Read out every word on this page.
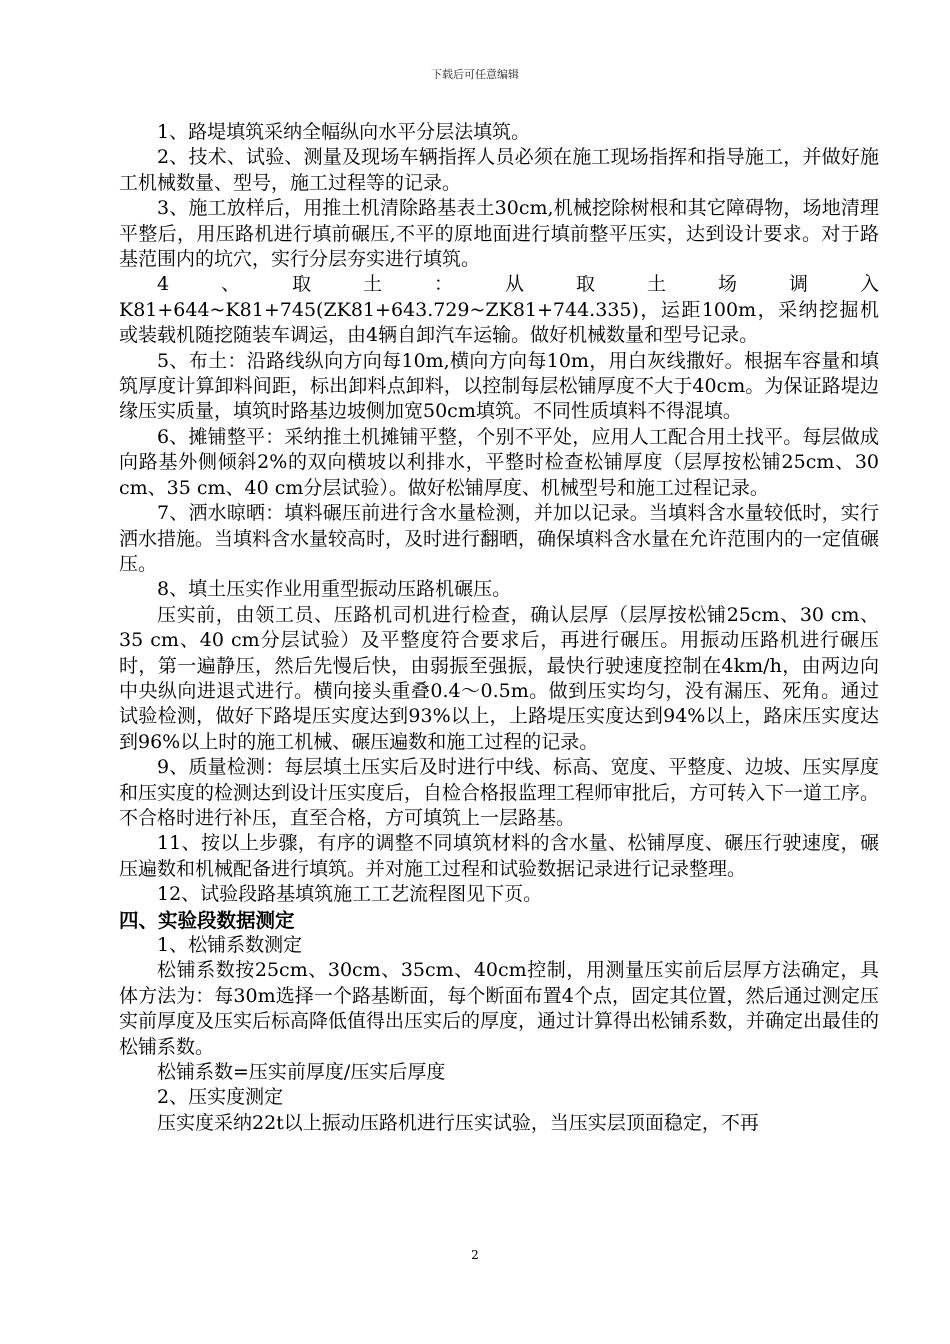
下载后可任意编辑

1、路堤填筑采纳全幅纵向水平分层法填筑。

2、技术、试验、测量及现场车辆指挥人员必须在施工现场指挥和指导施工，并做好施工机械数量、型号，施工过程等的记录。

3、施工放样后，用推土机清除路基表土30cm,机械挖除树根和其它障碍物，场地清理平整后，用压路机进行填前碾压,不平的原地面进行填前整平压实，达到设计要求。对于路基范围内的坑穴，实行分层夯实进行填筑。

4、取土：从取土场调入K81+644~K81+745(ZK81+643.729~ZK81+744.335)，运距100m，采纳挖掘机或装载机随挖随装车调运，由4辆自卸汽车运输。做好机械数量和型号记录。

5、布土：沿路线纵向方向每10m,横向方向每10m，用白灰线撒好。根据车容量和填筑厚度计算卸料间距，标出卸料点卸料，以控制每层松铺厚度不大于40cm。为保证路堤边缘压实质量，填筑时路基边坡侧加宽50cm填筑。不同性质填料不得混填。

6、摊铺整平：采纳推土机摊铺平整，个别不平处，应用人工配合用土找平。每层做成向路基外侧倾斜2%的双向横坡以利排水，平整时检查松铺厚度（层厚按松铺25cm、30 cm、35 cm、40 cm分层试验）。做好松铺厚度、机械型号和施工过程记录。

7、洒水晾晒：填料碾压前进行含水量检测，并加以记录。当填料含水量较低时，实行洒水措施。当填料含水量较高时，及时进行翻晒，确保填料含水量在允许范围内的一定值碾压。

8、填土压实作业用重型振动压路机碾压。

压实前，由领工员、压路机司机进行检查，确认层厚（层厚按松铺25cm、30 cm、35 cm、40 cm分层试验）及平整度符合要求后，再进行碾压。用振动压路机进行碾压时，第一遍静压，然后先慢后快，由弱振至强振，最快行驶速度控制在4km/h，由两边向中央纵向进退式进行。横向接头重叠0.4～0.5m。做到压实均匀，没有漏压、死角。通过试验检测，做好下路堤压实度达到93%以上，上路堤压实度达到94%以上，路床压实度达到96%以上时的施工机械、碾压遍数和施工过程的记录。

9、质量检测：每层填土压实后及时进行中线、标高、宽度、平整度、边坡、压实厚度和压实度的检测达到设计压实度后，自检合格报监理工程师审批后，方可转入下一道工序。不合格时进行补压，直至合格，方可填筑上一层路基。

11、按以上步骤，有序的调整不同填筑材料的含水量、松铺厚度、碾压行驶速度，碾压遍数和机械配备进行填筑。并对施工过程和试验数据记录进行记录整理。

12、试验段路基填筑施工工艺流程图见下页。

四、实验段数据测定

1、松铺系数测定

松铺系数按25cm、30cm、35cm、40cm控制，用测量压实前后层厚方法确定，具体方法为：每30m选择一个路基断面，每个断面布置4个点，固定其位置，然后通过测定压实前厚度及压实后标高降低值得出压实后的厚度，通过计算得出松铺系数，并确定出最佳的松铺系数。

松铺系数=压实前厚度/压实后厚度

2、压实度测定

压实度采纳22t以上振动压路机进行压实试验，当压实层顶面稳定，不再

2
